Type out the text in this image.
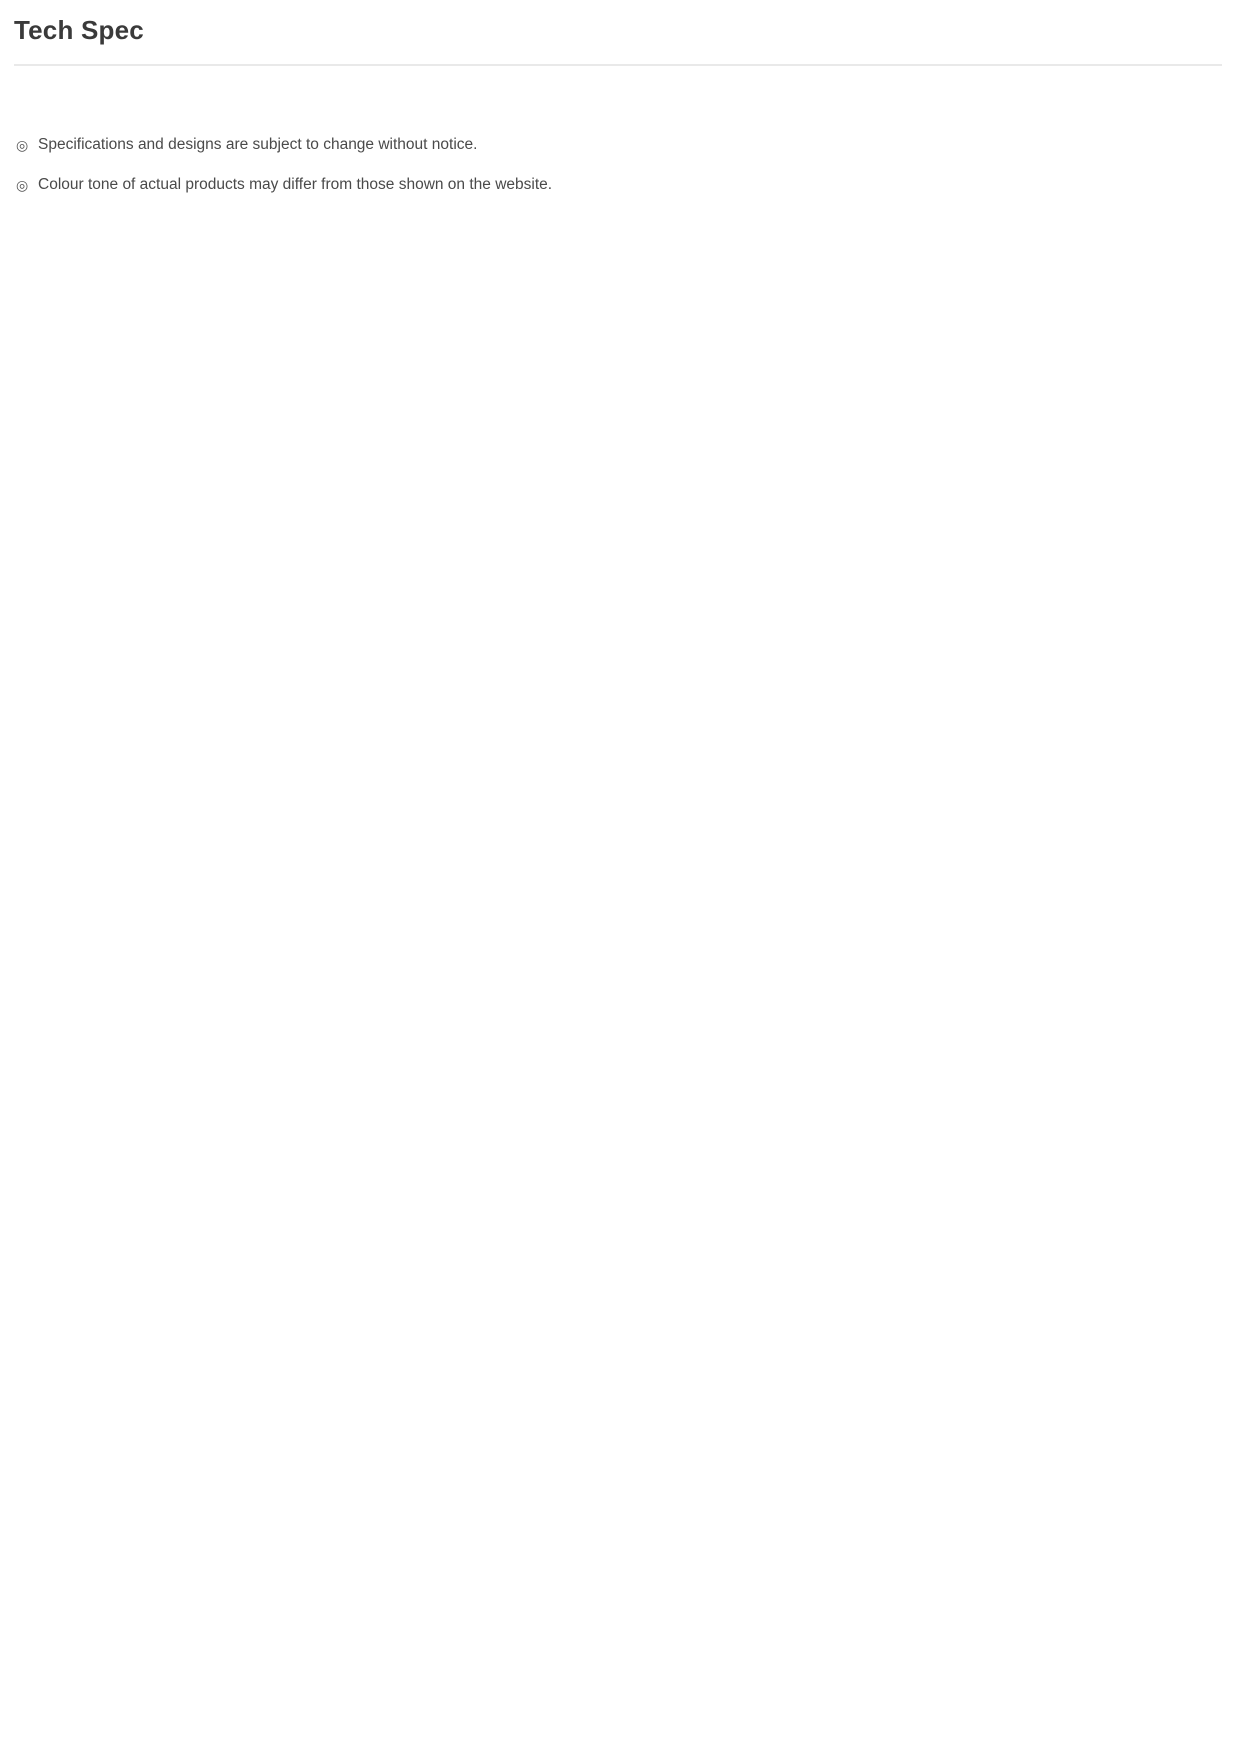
Tech Spec
◎ Specifications and designs are subject to change without notice.
◎ Colour tone of actual products may differ from those shown on the website.
